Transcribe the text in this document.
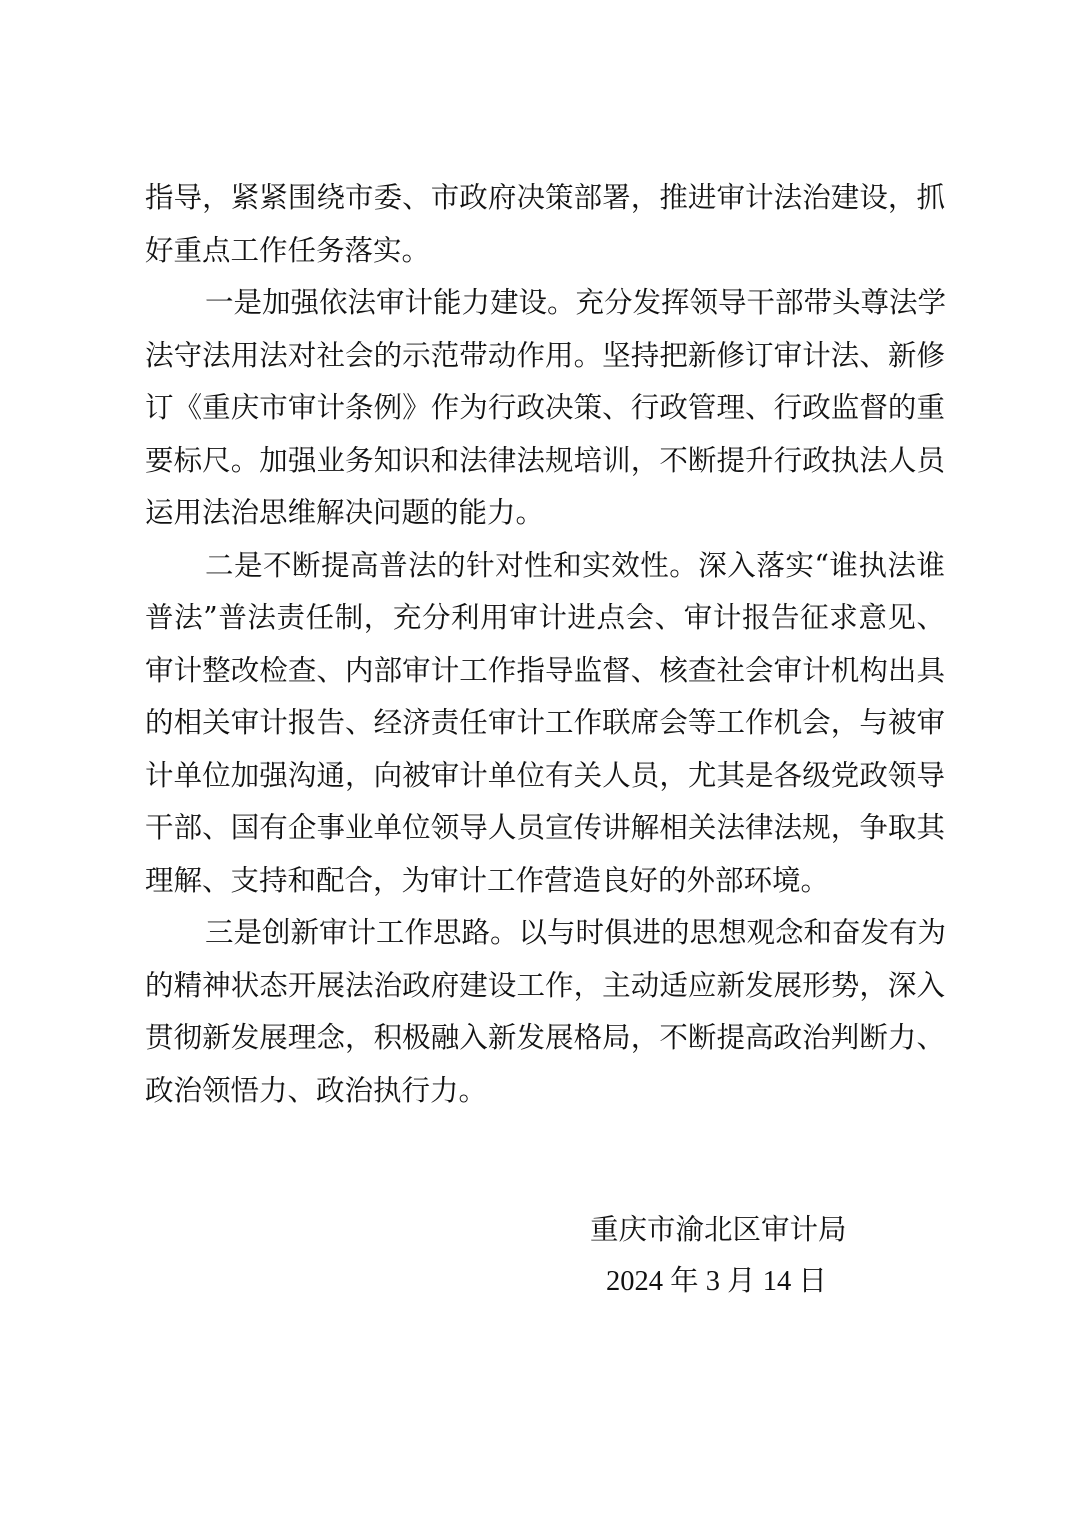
指导，紧紧围绕市委、市政府决策部署，推进审计法治建设，抓
好重点工作任务落实。
一是加强依法审计能力建设。充分发挥领导干部带头尊法学
法守法用法对社会的示范带动作用。坚持把新修订审计法、新修
订《重庆市审计条例》作为行政决策、行政管理、行政监督的重
要标尺。加强业务知识和法律法规培训，不断提升行政执法人员
运用法治思维解决问题的能力。
二是不断提高普法的针对性和实效性。深入落实“谁执法谁
普法”普法责任制，充分利用审计进点会、审计报告征求意见、
审计整改检查、内部审计工作指导监督、核查社会审计机构出具
的相关审计报告、经济责任审计工作联席会等工作机会，与被审
计单位加强沟通，向被审计单位有关人员，尤其是各级党政领导
干部、国有企事业单位领导人员宣传讲解相关法律法规，争取其
理解、支持和配合，为审计工作营造良好的外部环境。
三是创新审计工作思路。以与时俱进的思想观念和奋发有为
的精神状态开展法治政府建设工作，主动适应新发展形势，深入
贯彻新发展理念，积极融入新发展格局，不断提高政治判断力、
政治领悟力、政治执行力。
重庆市渝北区审计局
2024 年 3 月 14 日
